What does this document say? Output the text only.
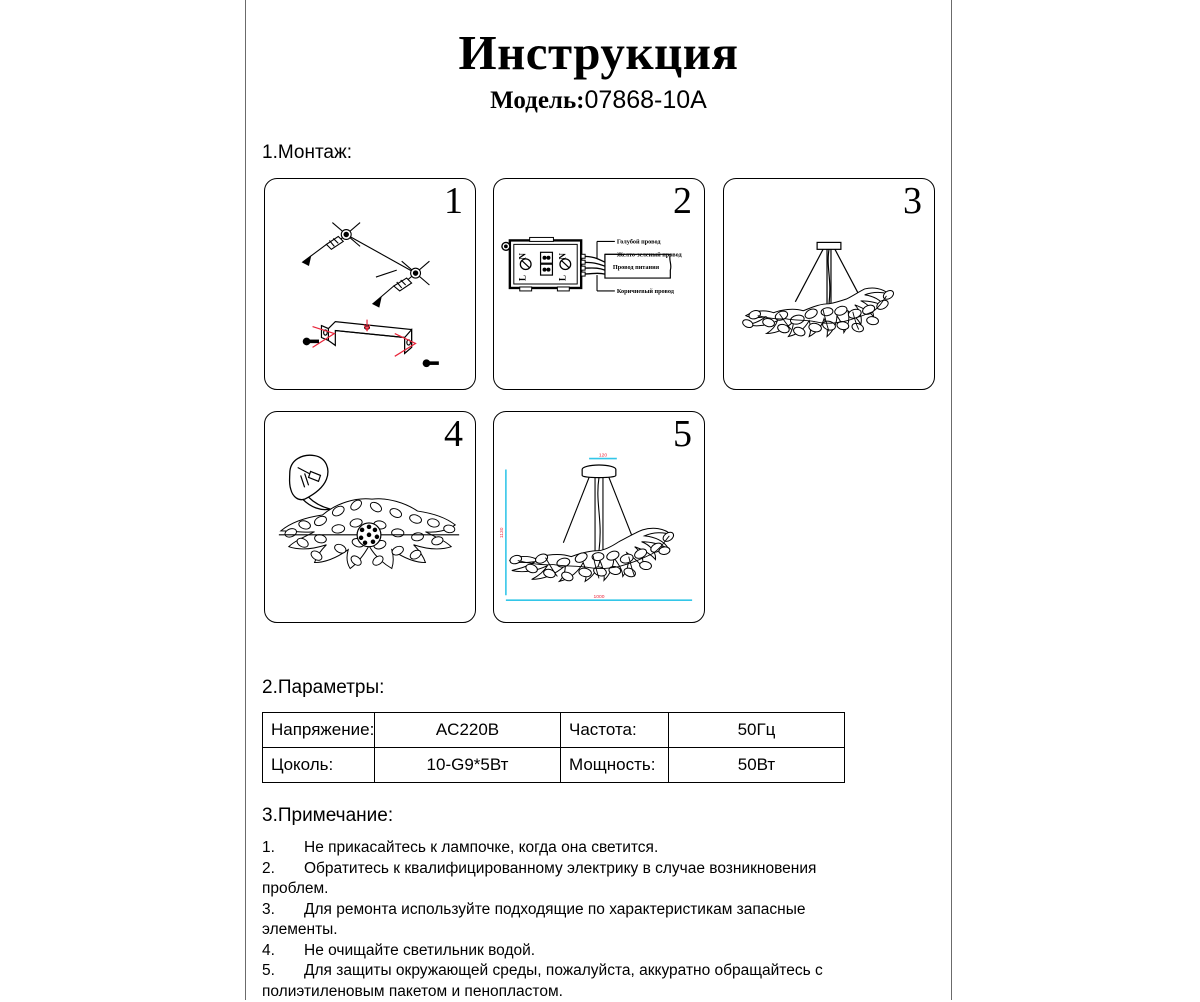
Инструкция
Модель:07868-10A
1.Монтаж:
1	2
N
L
N
L
Голубой провод
Желто-зеленый провод
Провод питания
Коричневый провод
3
4	5
120
1130
1000
2.Параметры:
Напряжение:	AC220В	Частота:	50Гц
Цоколь:	10-G9*5Вт	Мощность:	50Вт
3.Примечание:
1. Не прикасайтесь к лампочке, когда она светится.
2. Обратитесь к квалифицированному электрику в случае возникновения проблем.
3. Для ремонта используйте подходящие по характеристикам запасные элементы.
4. Не очищайте светильник водой.
5. Для защиты окружающей среды, пожалуйста, аккуратно обращайтесь с полиэтиленовым пакетом и пенопластом.
